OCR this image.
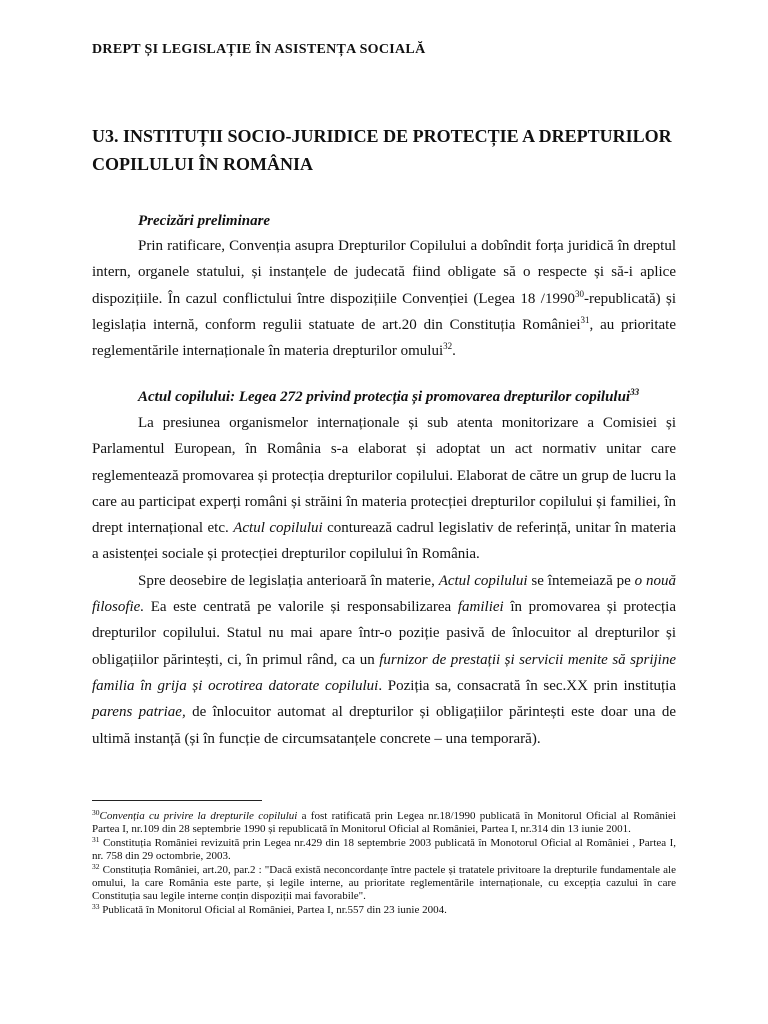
DREPT ȘI LEGISLAȚIE ÎN ASISTENȚA SOCIALĂ
U3. INSTITUȚII SOCIO-JURIDICE DE PROTECȚIE A DREPTURILOR COPILULUI ÎN ROMÂNIA
Precizări preliminare

Prin ratificare, Convenția asupra Drepturilor Copilului a dobîndit forța juridică în dreptul intern, organele statului, și instanțele de judecată fiind obligate să o respecte și să-i aplice dispozițiile. În cazul conflictului între dispozițiile Convenției (Legea 18 /1990$^{30}$-republicată) și legislația internă, conform regulii statuate de art.20 din Constituția României$^{31}$, au prioritate reglementările internaționale în materia drepturilor omului$^{32}$.

Actul copilului: Legea 272 privind protecția și promovarea drepturilor copilului$^{33}$

La presiunea organismelor internaționale și sub atenta monitorizare a Comisiei și Parlamentul European, în România s-a elaborat și adoptat un act normativ unitar care reglementează promovarea și protecția drepturilor copilului. Elaborat de către un grup de lucru la care au participat experți români și străini în materia protecției drepturilor copilului și familiei, în drept internațional etc. Actul copilului conturează cadrul legislativ de referință, unitar în materia a asistenței sociale și protecției drepturilor copilului în România.

Spre deosebire de legislația anterioară în materie, Actul copilului se întemeiază pe o nouă filosofie. Ea este centrată pe valorile și responsabilizarea familiei în promovarea și protecția drepturilor copilului. Statul nu mai apare într-o poziție pasivă de înlocuitor al drepturilor și obligațiilor părintești, ci, în primul rând, ca un furnizor de prestații și servicii menite să sprijine familia în grija și ocrotirea datorate copilului. Poziția sa, consacrată în sec.XX prin instituția parens patriae, de înlocuitor automat al drepturilor și obligațiilor părintești este doar una de ultimă instanță (și în funcție de circumsatanțele concrete – una temporară).

$^{30}$Convenția cu privire la drepturile copilului a fost ratificată prin Legea nr.18/1990 publicată în Monitorul Oficial al României Partea I, nr.109 din 28 septembrie 1990 și republicată în Monitorul Oficial al României, Partea I, nr.314 din 13 iunie 2001.

$^{31}$ Constituția României revizuită prin Legea nr.429 din 18 septembrie 2003 publicată în Monotorul Oficial al României , Partea I, nr. 758 din 29 octombrie, 2003.

$^{32}$ Constituția României, art.20, par.2 : "Dacă există neconcordanțe între pactele și tratatele privitoare la drepturile fundamentale ale omului, la care România este parte, și legile interne, au prioritate reglementările internaționale, cu excepția cazului în care Constituția sau legile interne conțin dispoziții mai favorabile".

$^{33}$ Publicată în Monitorul Oficial al României, Partea I, nr.557 din 23 iunie 2004.
